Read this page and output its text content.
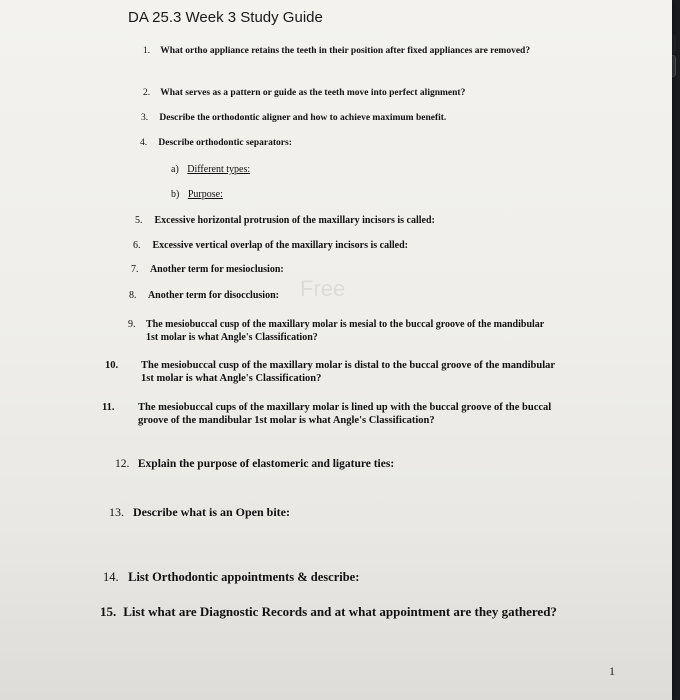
DA 25.3 Week 3 Study Guide
Free
1. What ortho appliance retains the teeth in their position after fixed appliances are removed?
2. What serves as a pattern or guide as the teeth move into perfect alignment?
3. Describe the orthodontic aligner and how to achieve maximum benefit.
4. Describe orthodontic separators:
a) Different types:
b) Purpose:
5. Excessive horizontal protrusion of the maxillary incisors is called:
6. Excessive vertical overlap of the maxillary incisors is called:
7. Another term for mesioclusion:
8. Another term for disocclusion:
9. The mesiobuccal cusp of the maxillary molar is mesial to the buccal groove of the mandibular 1st molar is what Angle's Classification?
10. The mesiobuccal cusp of the maxillary molar is distal to the buccal groove of the mandibular 1st molar is what Angle's Classification?
11. The mesiobuccal cups of the maxillary molar is lined up with the buccal groove of the buccal groove of the mandibular 1st molar is what Angle's Classification?
12. Explain the purpose of elastomeric and ligature ties:
13. Describe what is an Open bite:
14. List Orthodontic appointments & describe:
15. List what are Diagnostic Records and at what appointment are they gathered?
1
